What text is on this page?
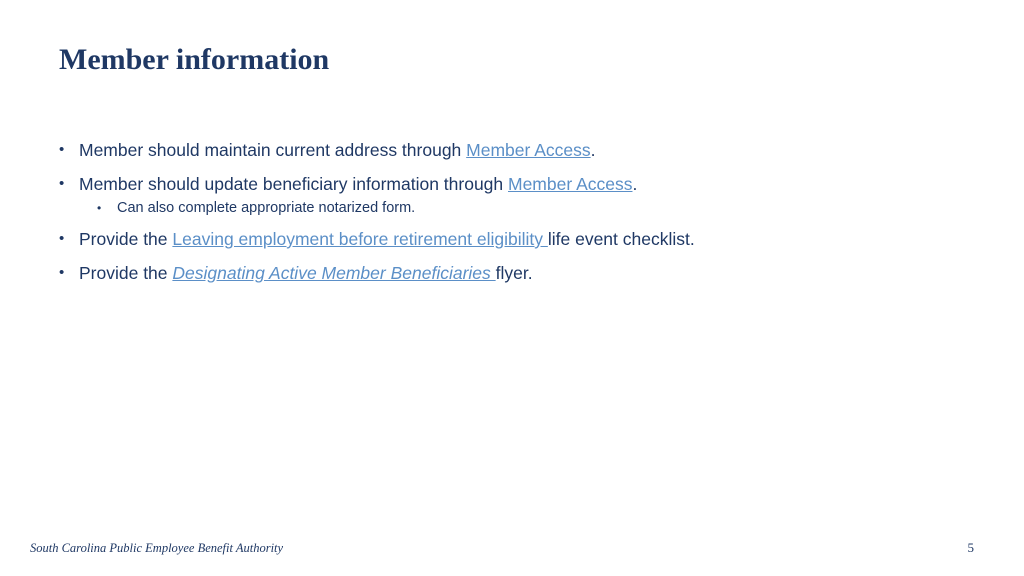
Member information
• Member should maintain current address through Member Access.
• Member should update beneficiary information through Member Access.
• Can also complete appropriate notarized form.
• Provide the Leaving employment before retirement eligibility life event checklist.
• Provide the Designating Active Member Beneficiaries flyer.
South Carolina Public Employee Benefit Authority	5
